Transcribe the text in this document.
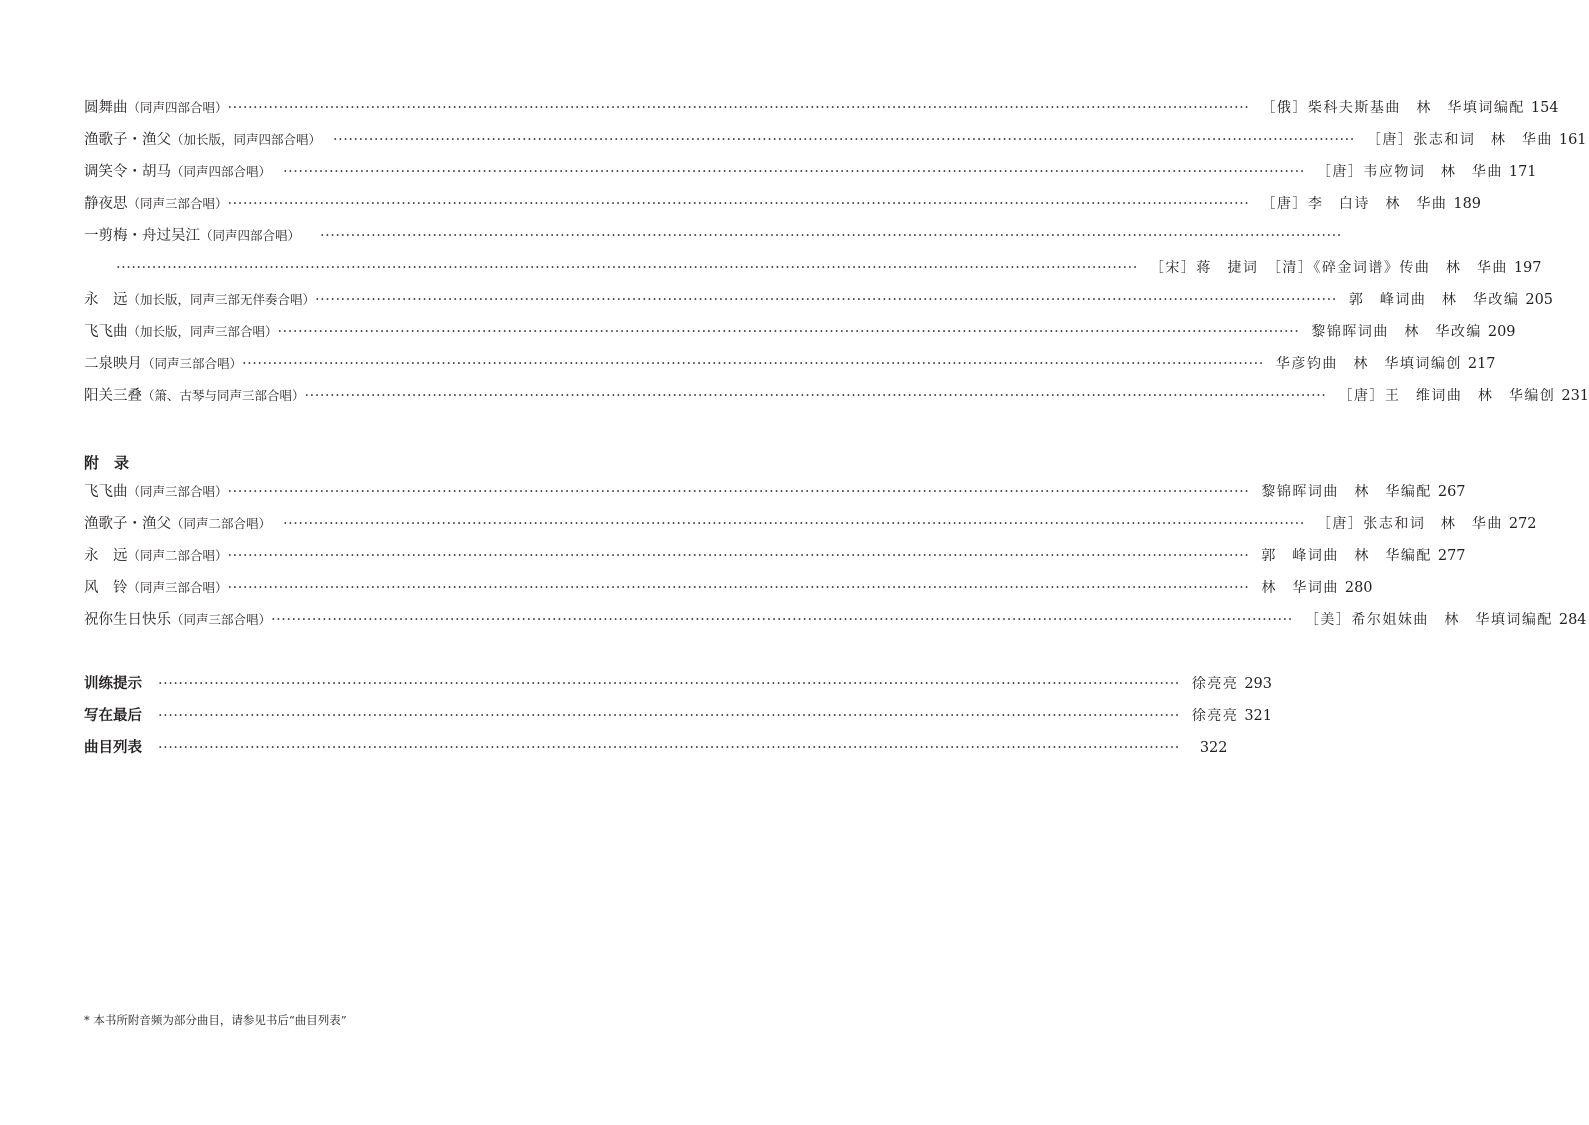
圆舞曲 （同声四部合唱） ········································································································································································································ ［俄］柴科夫斯基曲　林　华填词编配 154
渔歌子・渔父 （加长版，同声四部合唱） ········································································································································································································ ［唐］张志和词　林　华曲 161
调笑令・胡马 （同声四部合唱） ········································································································································································································ ［唐］韦应物词　林　华曲 171
静夜思 （同声三部合唱） ········································································································································································································ ［唐］李　白诗　林　华曲 189
一剪梅・舟过吴江 （同声四部合唱） ········································································································································································································
········································································································································································································ ［宋］蒋　捷词　［清］《碎金词谱》传曲　林　华曲 197
永　远 （加长版，同声三部无伴奏合唱） ········································································································································································································ 郭　峰词曲　林　华改编 205
飞飞曲 （加长版，同声三部合唱） ········································································································································································································ 黎锦晖词曲　林　华改编 209
二泉映月 （同声三部合唱） ········································································································································································································ 华彦钧曲　林　华填词编创 217
阳关三叠 （箫、古琴与同声三部合唱） ········································································································································································································ ［唐］王　维词曲　林　华编创 231
附　录
飞飞曲 （同声三部合唱） ········································································································································································································ 黎锦晖词曲　林　华编配 267
渔歌子・渔父 （同声二部合唱） ········································································································································································································ ［唐］张志和词　林　华曲 272
永　远 （同声二部合唱） ········································································································································································································ 郭　峰词曲　林　华编配 277
风　铃 （同声三部合唱） ········································································································································································································ 林　华词曲 280
祝你生日快乐 （同声三部合唱） ········································································································································································································ ［美］希尔姐妹曲　林　华填词编配 284
训练提示 ········································································································································································································ 徐亮亮 293
写在最后 ········································································································································································································ 徐亮亮 321
曲目列表 ········································································································································································································	322
* 本书所附音频为部分曲目，请参见书后“曲目列表”
